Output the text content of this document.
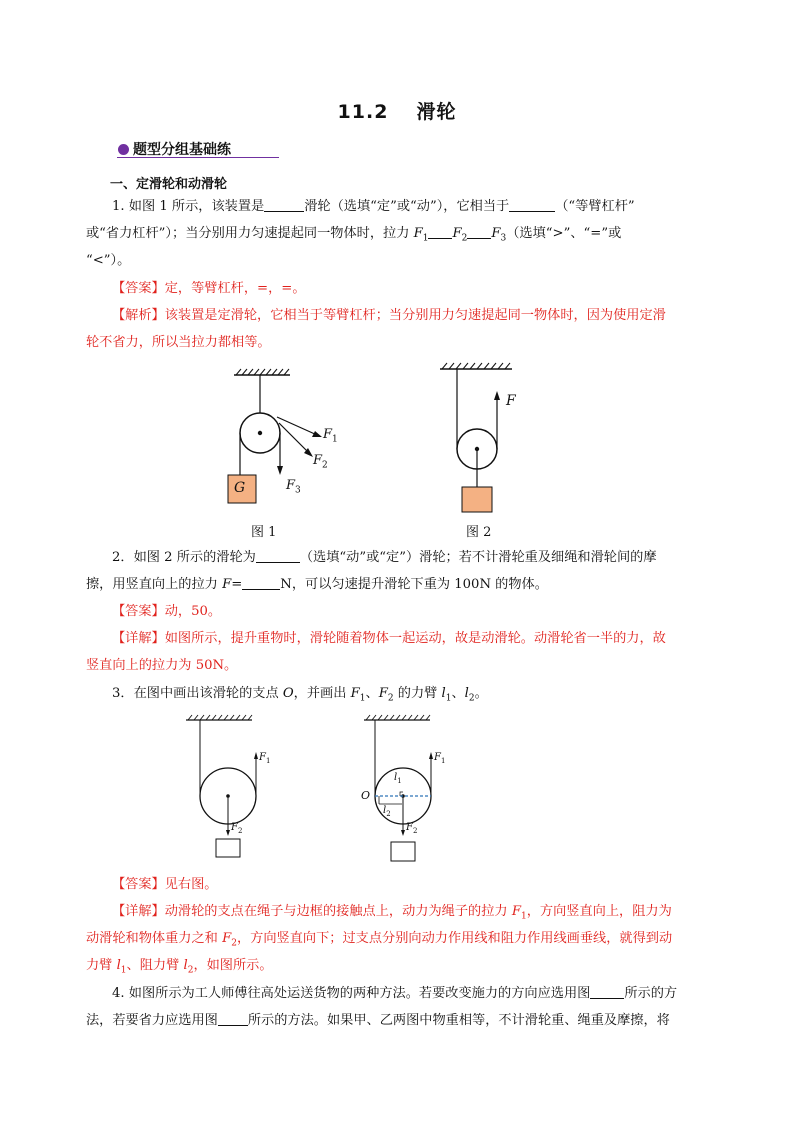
11.2 滑轮
题型分组基础练
一、定滑轮和动滑轮
1. 如图 1 所示，该装置是	滑轮（选填“定”或“动”），它相当于	（“等臂杠杆”
或“省力杠杆”）；当分别用力匀速提起同一物体时，拉力 $F_1$ $F_2$ $F_3$（选填“>”、“=”或
“<”）。
【答案】定，等臂杠杆，=，=。
【解析】该装置是定滑轮，它相当于等臂杠杆；当分别用力匀速提起同一物体时，因为使用定滑
轮不省力，所以当拉力都相等。
G
$F_1$
$F_2$
$F_3$
图 1
F
图 2
2．如图 2 所示的滑轮为	（选填“动”或“定”）滑轮；若不计滑轮重及细绳和滑轮间的摩
擦，用竖直向上的拉力 F=	N，可以匀速提升滑轮下重为 100N 的物体。
【答案】动，50。
【详解】如图所示，提升重物时，滑轮随着物体一起运动，故是动滑轮。动滑轮省一半的力，故
竖直向上的拉力为 50N。
3．在图中画出该滑轮的支点 O，并画出 $F_1$、$F_2$ 的力臂 $l_1$、$l_2$。
$F_1$
$F_2$
$l_1$
$l_2$
O
$F_1$
$F_2$
【答案】见右图。
【详解】动滑轮的支点在绳子与边框的接触点上，动力为绳子的拉力 $F_1$，方向竖直向上，阻力为
动滑轮和物体重力之和 $F_2$，方向竖直向下；过支点分别向动力作用线和阻力作用线画垂线，就得到动
力臂 $l_1$、阻力臂 $l_2$，如图所示。
4. 如图所示为工人师傅往高处运送货物的两种方法。若要改变施力的方向应选用图	所示的方
法，若要省力应选用图 所示的方法。如果甲、乙两图中物重相等，不计滑轮重、绳重及摩擦，将
